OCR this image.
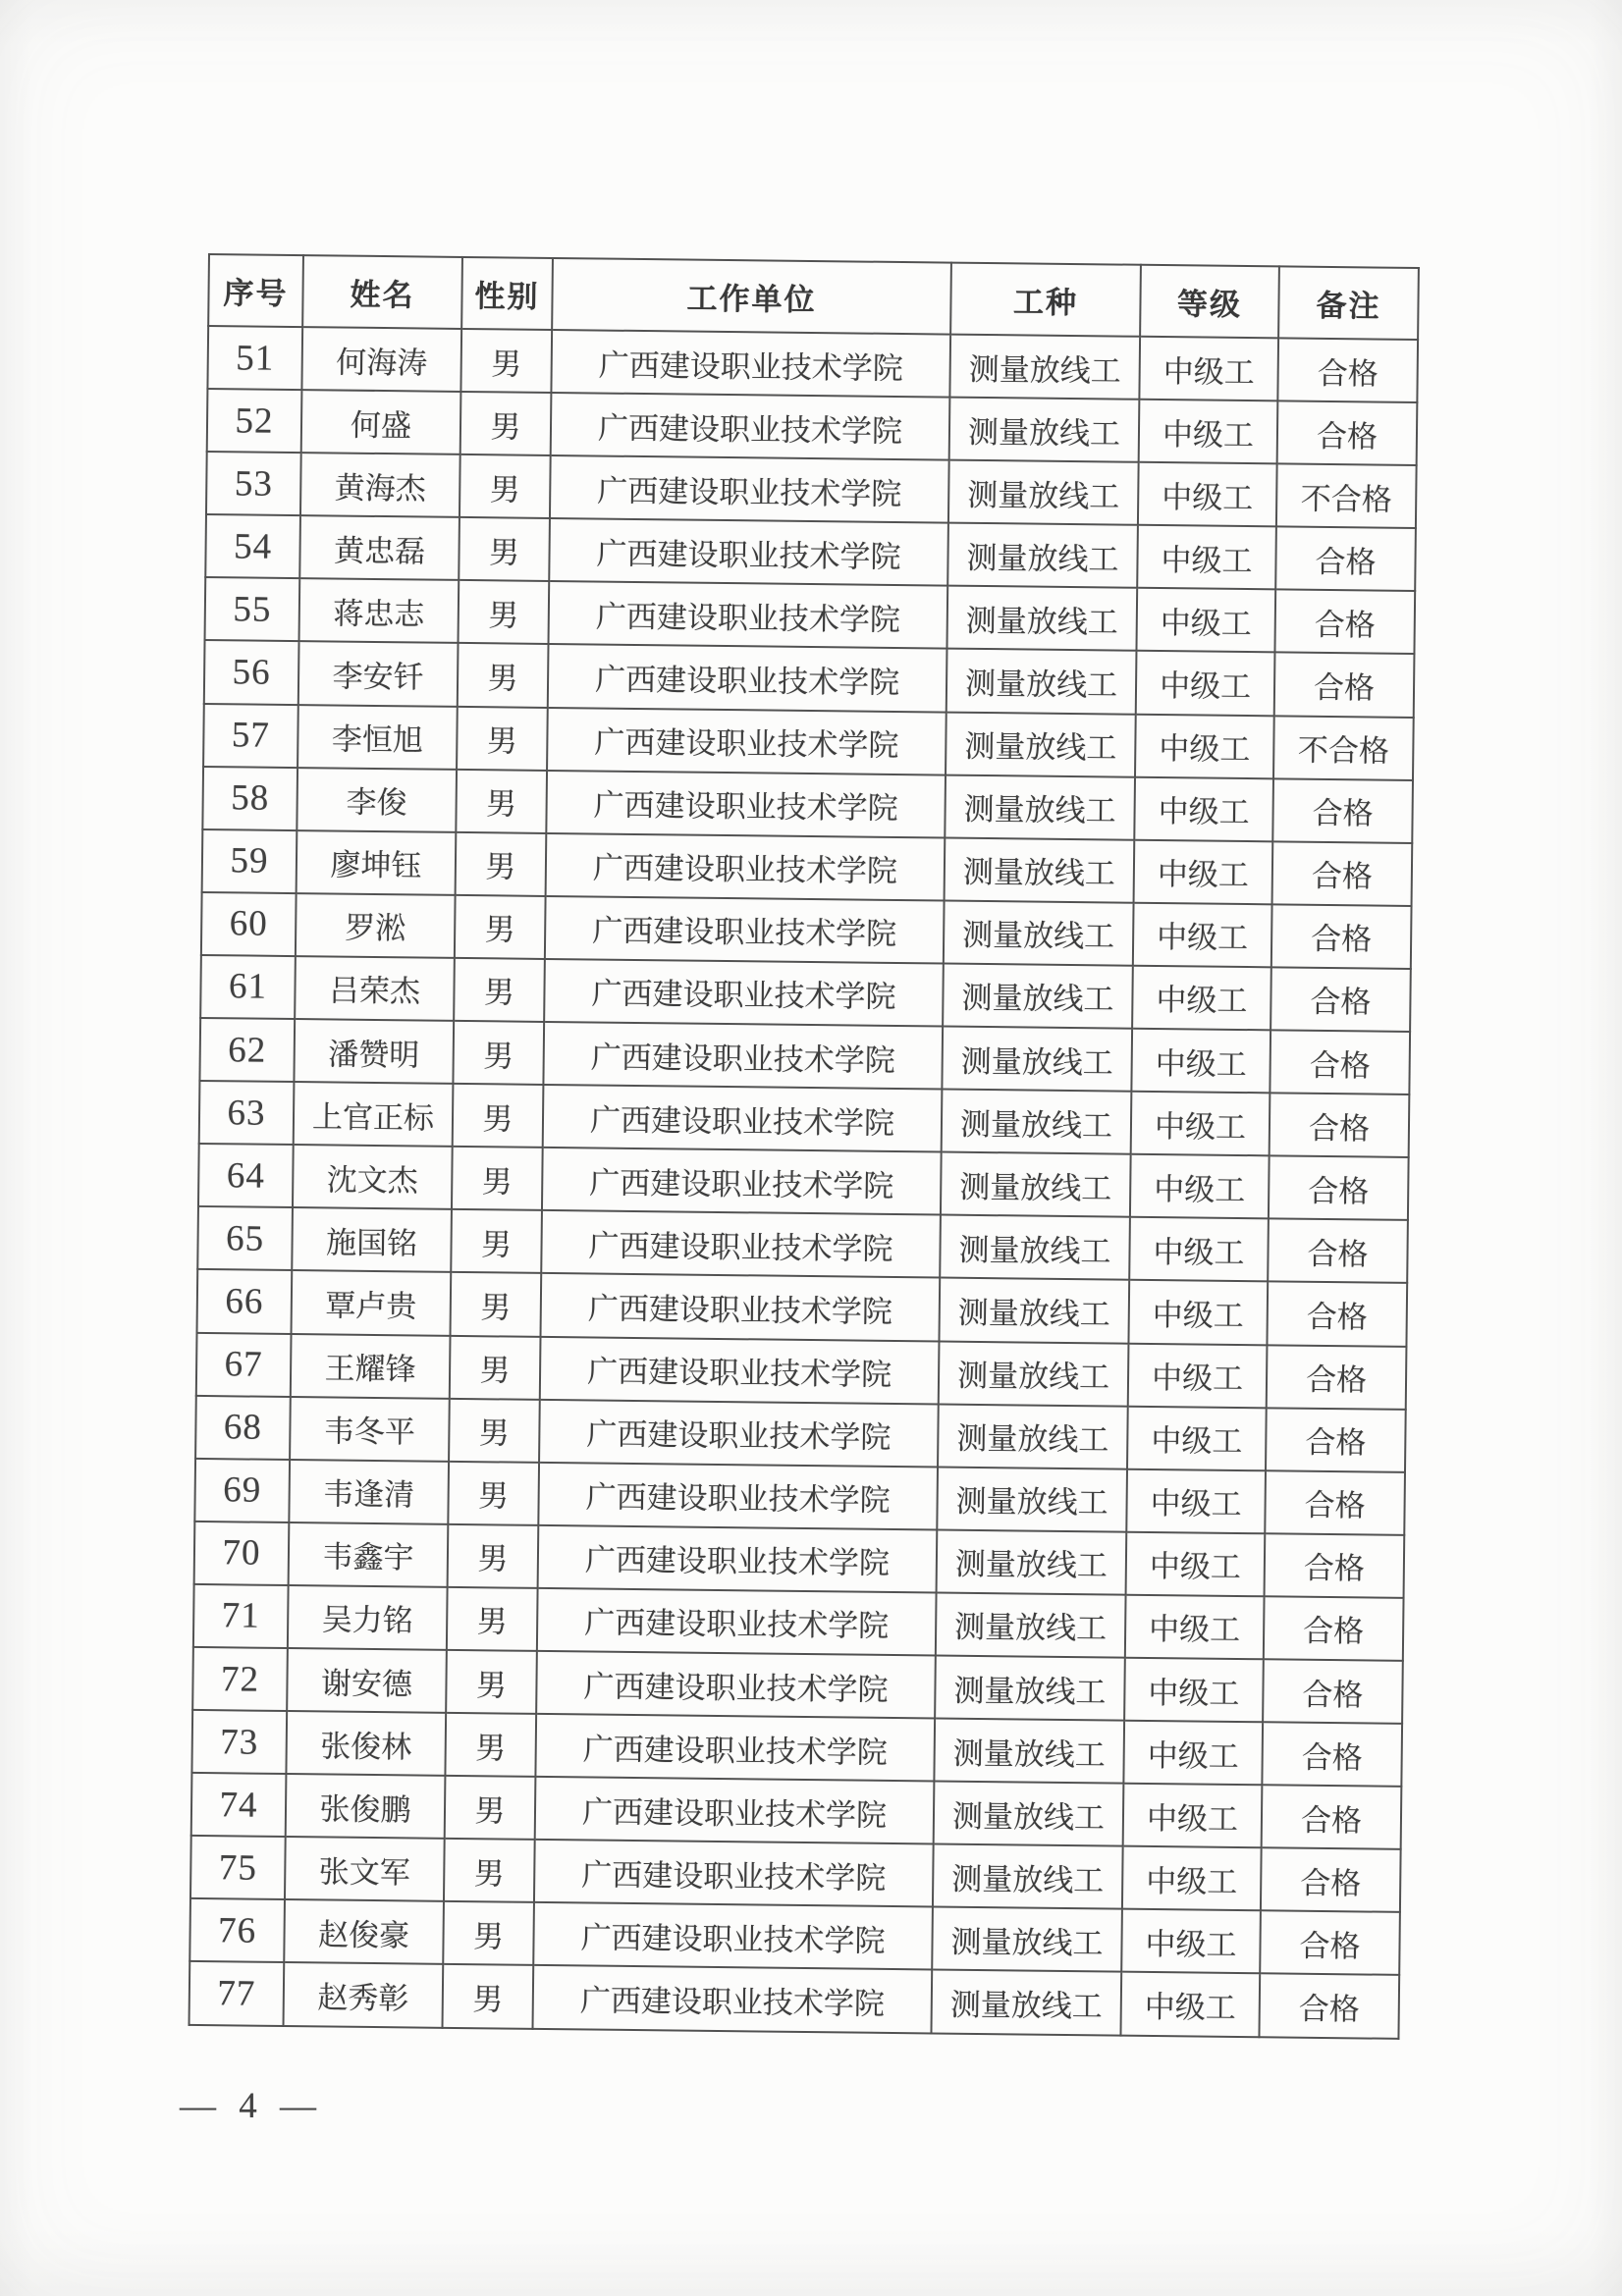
序号	姓名	性别	工作单位	工种	等级	备注
51	何海涛	男	广西建设职业技术学院	测量放线工	中级工	合格
52	何盛	男	广西建设职业技术学院	测量放线工	中级工	合格
53	黄海杰	男	广西建设职业技术学院	测量放线工	中级工	不合格
54	黄忠磊	男	广西建设职业技术学院	测量放线工	中级工	合格
55	蒋忠志	男	广西建设职业技术学院	测量放线工	中级工	合格
56	李安钎	男	广西建设职业技术学院	测量放线工	中级工	合格
57	李恒旭	男	广西建设职业技术学院	测量放线工	中级工	不合格
58	李俊	男	广西建设职业技术学院	测量放线工	中级工	合格
59	廖坤钰	男	广西建设职业技术学院	测量放线工	中级工	合格
60	罗淞	男	广西建设职业技术学院	测量放线工	中级工	合格
61	吕荣杰	男	广西建设职业技术学院	测量放线工	中级工	合格
62	潘赞明	男	广西建设职业技术学院	测量放线工	中级工	合格
63	上官正标	男	广西建设职业技术学院	测量放线工	中级工	合格
64	沈文杰	男	广西建设职业技术学院	测量放线工	中级工	合格
65	施国铭	男	广西建设职业技术学院	测量放线工	中级工	合格
66	覃卢贵	男	广西建设职业技术学院	测量放线工	中级工	合格
67	王耀锋	男	广西建设职业技术学院	测量放线工	中级工	合格
68	韦冬平	男	广西建设职业技术学院	测量放线工	中级工	合格
69	韦逢清	男	广西建设职业技术学院	测量放线工	中级工	合格
70	韦鑫宇	男	广西建设职业技术学院	测量放线工	中级工	合格
71	吴力铭	男	广西建设职业技术学院	测量放线工	中级工	合格
72	谢安德	男	广西建设职业技术学院	测量放线工	中级工	合格
73	张俊林	男	广西建设职业技术学院	测量放线工	中级工	合格
74	张俊鹏	男	广西建设职业技术学院	测量放线工	中级工	合格
75	张文军	男	广西建设职业技术学院	测量放线工	中级工	合格
76	赵俊豪	男	广西建设职业技术学院	测量放线工	中级工	合格
77	赵秀彰	男	广西建设职业技术学院	测量放线工	中级工	合格
— 4 —
